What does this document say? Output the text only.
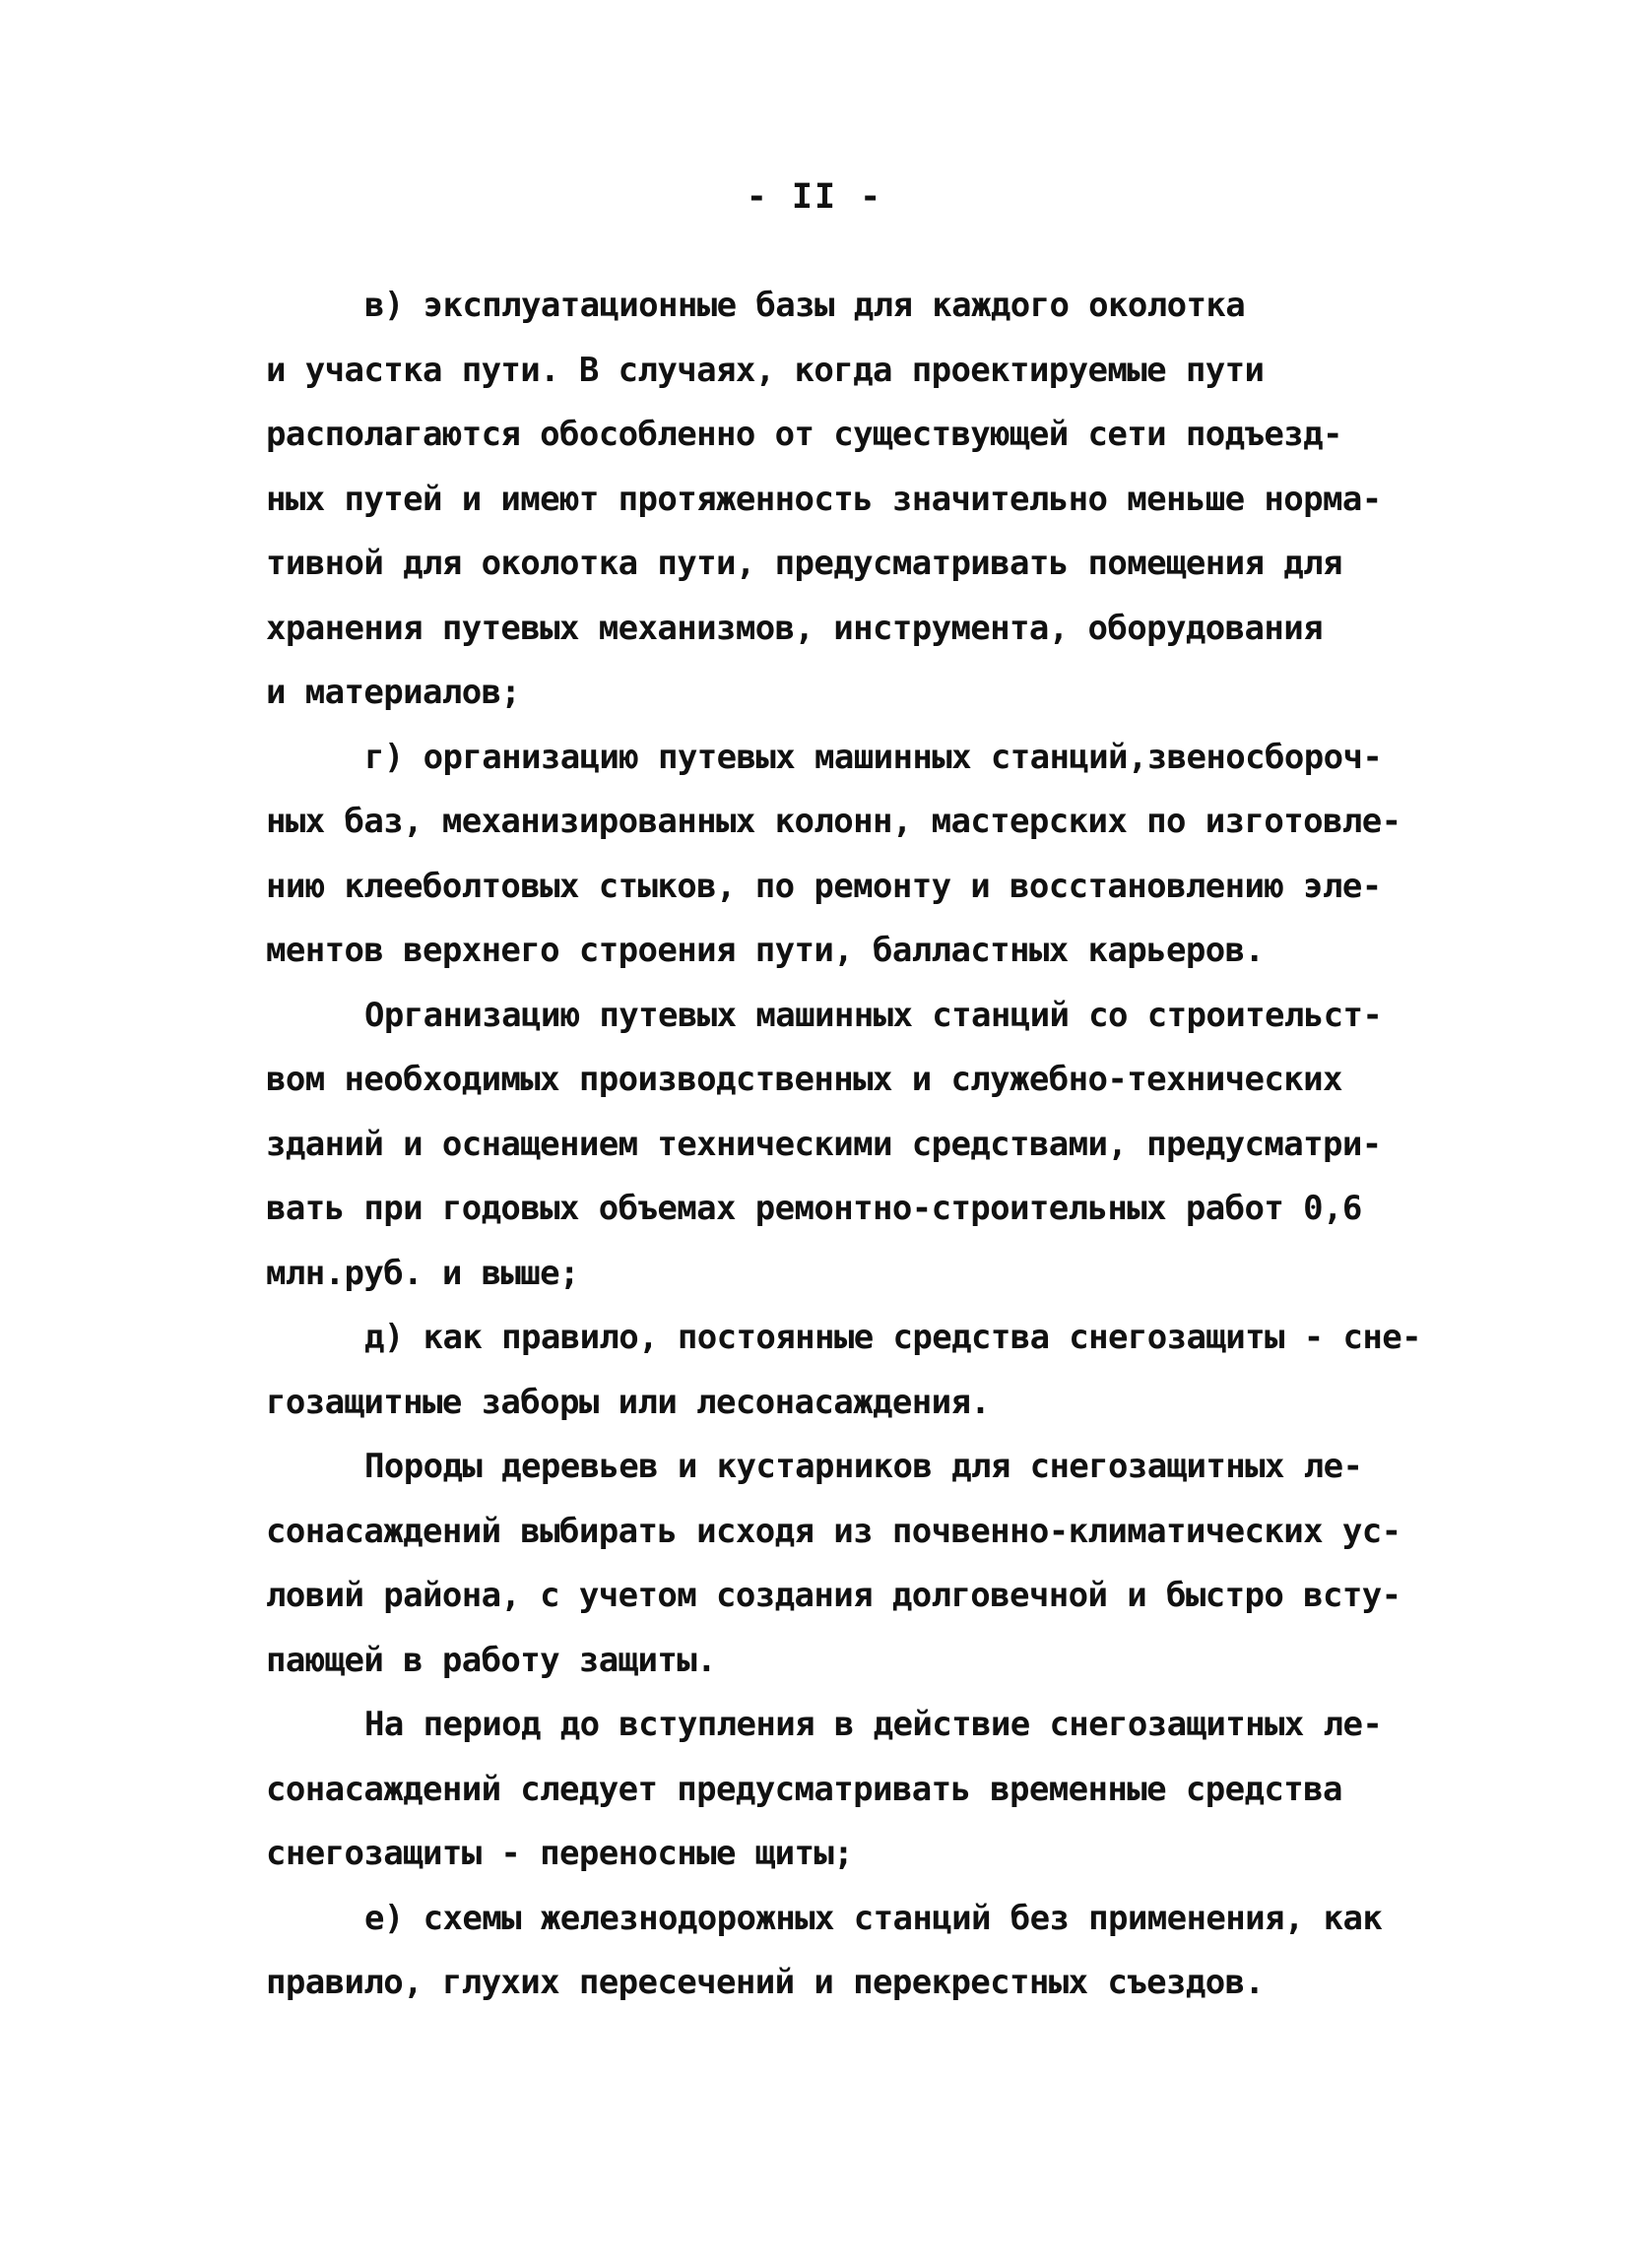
- II -
в) эксплуатационные базы для каждого околотка
и участка пути. В случаях, когда проектируемые пути
располагаются обособленно от существующей сети подъезд-
ных путей и имеют протяженность значительно меньше норма-
тивной для околотка пути, предусматривать помещения для
хранения путевых механизмов, инструмента, оборудования
и материалов;
г) организацию путевых машинных станций,звеносбороч-
ных баз, механизированных колонн, мастерских по изготовле-
нию клееболтовых стыков, по ремонту и восстановлению эле-
ментов верхнего строения пути, балластных карьеров.
Организацию путевых машинных станций со строительст-
вом необходимых производственных и служебно-технических
зданий и оснащением техническими средствами, предусматри-
вать при годовых объемах ремонтно-строительных работ 0,6
млн.руб. и выше;
д) как правило, постоянные средства снегозащиты - сне-
гозащитные заборы или лесонасаждения.
Породы деревьев и кустарников для снегозащитных ле-
сонасаждений выбирать исходя из почвенно-климатических ус-
ловий района, с учетом создания долговечной и быстро всту-
пающей в работу защиты.
На период до вступления в действие снегозащитных ле-
сонасаждений следует предусматривать временные средства
снегозащиты - переносные щиты;
е) схемы железнодорожных станций без применения, как
правило, глухих пересечений и перекрестных съездов.
